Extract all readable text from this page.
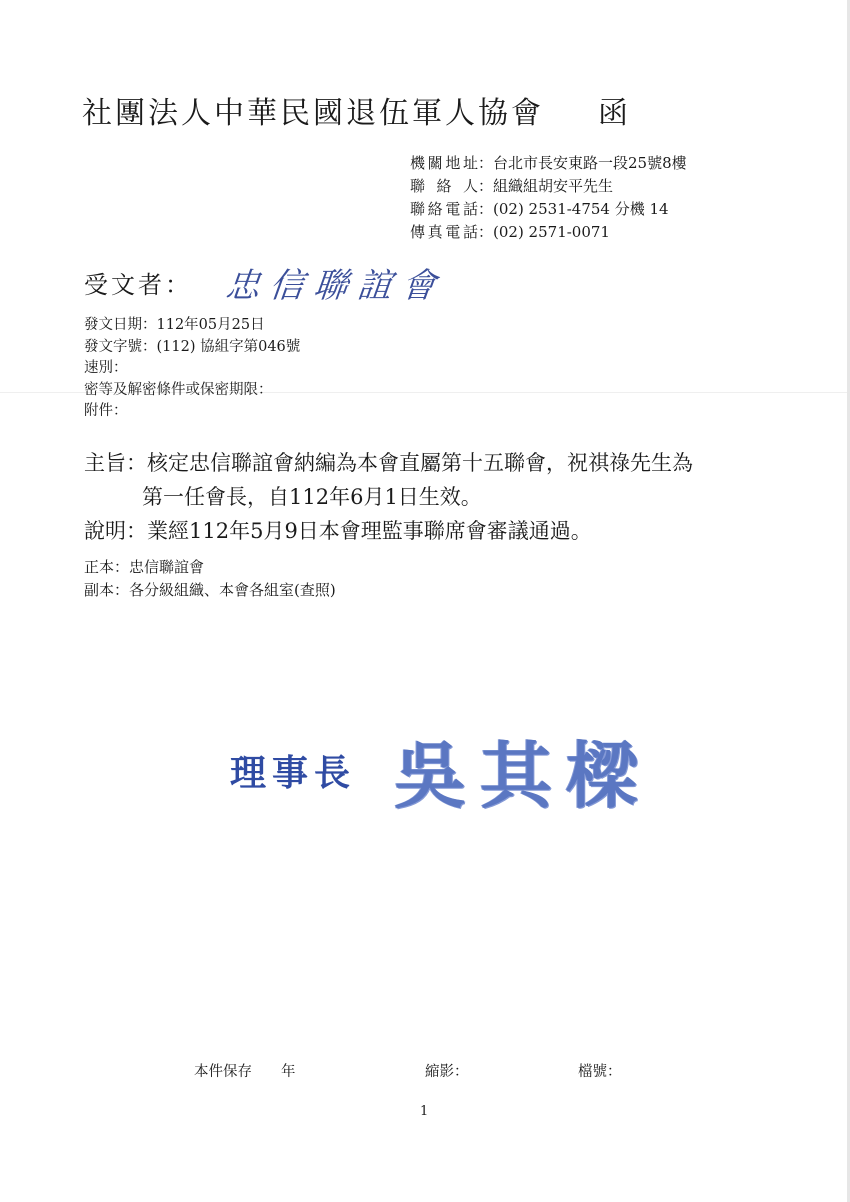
社團法人中華民國退伍軍人協會 函
機關地址 ：台北市長安東路一段25號8樓
聯 絡 人 ：組織組胡安平先生
聯絡電話 ：(02) 2531-4754 分機 14
傳真電話 ：(02) 2571-0071
受文者： 忠信聯誼會
發文日期：112年05月25日
發文字號：(112) 協組字第046號
速別：
密等及解密條件或保密期限：
附件：
主旨：核定忠信聯誼會納編為本會直屬第十五聯會，祝祺祿先生為
第一任會長，自112年6月1日生效。
說明：業經112年5月9日本會理監事聯席會審議通過。
正本：忠信聯誼會
副本：各分級組織、本會各組室(查照)
理事長 吳其樑
本件保存　　年	縮影：	檔號：
1
